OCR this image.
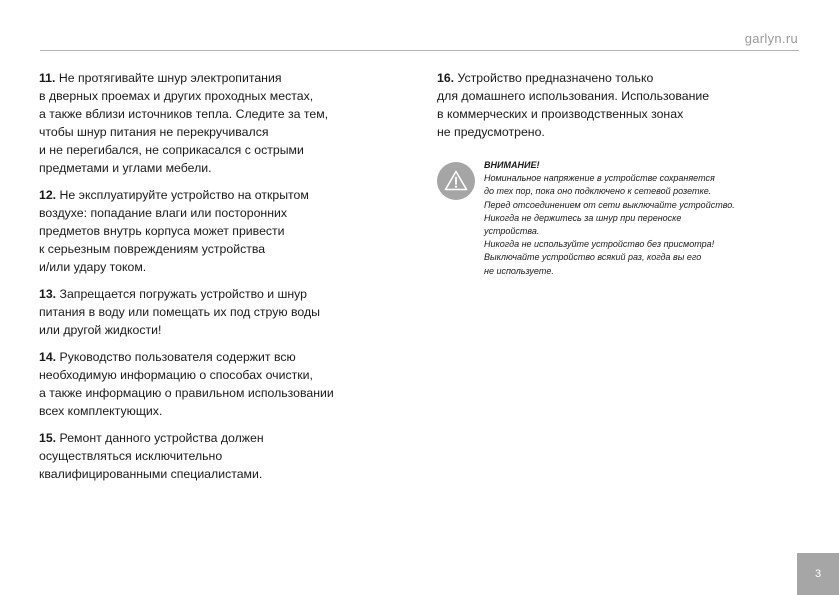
garlyn.ru
11. Не протягивайте шнур электропитания
в дверных проемах и других проходных местах,
а также вблизи источников тепла. Следите за тем,
чтобы шнур питания не перекручивался
и не перегибался, не соприкасался с острыми
предметами и углами мебели.
12. Не эксплуатируйте устройство на открытом
воздухе: попадание влаги или посторонних
предметов внутрь корпуса может привести
к серьезным повреждениям устройства
и/или удару током.
13. Запрещается погружать устройство и шнур
питания в воду или помещать их под струю воды
или другой жидкости!
14. Руководство пользователя содержит всю
необходимую информацию о способах очистки,
а также информацию о правильном использовании
всех комплектующих.
15. Ремонт данного устройства должен
осуществляться исключительно
квалифицированными специалистами.
16. Устройство предназначено только
для домашнего использования. Использование
в коммерческих и производственных зонах
не предусмотрено.
ВНИМАНИЕ!
Номинальное напряжение в устройстве сохраняется
до тех пор, пока оно подключено к сетевой розетке.
Перед отсоединением от сети выключайте устройство.
Никогда не держитесь за шнур при переноске
устройства.
Никогда не используйте устройство без присмотра!
Выключайте устройство всякий раз, когда вы его
не используете.
3
